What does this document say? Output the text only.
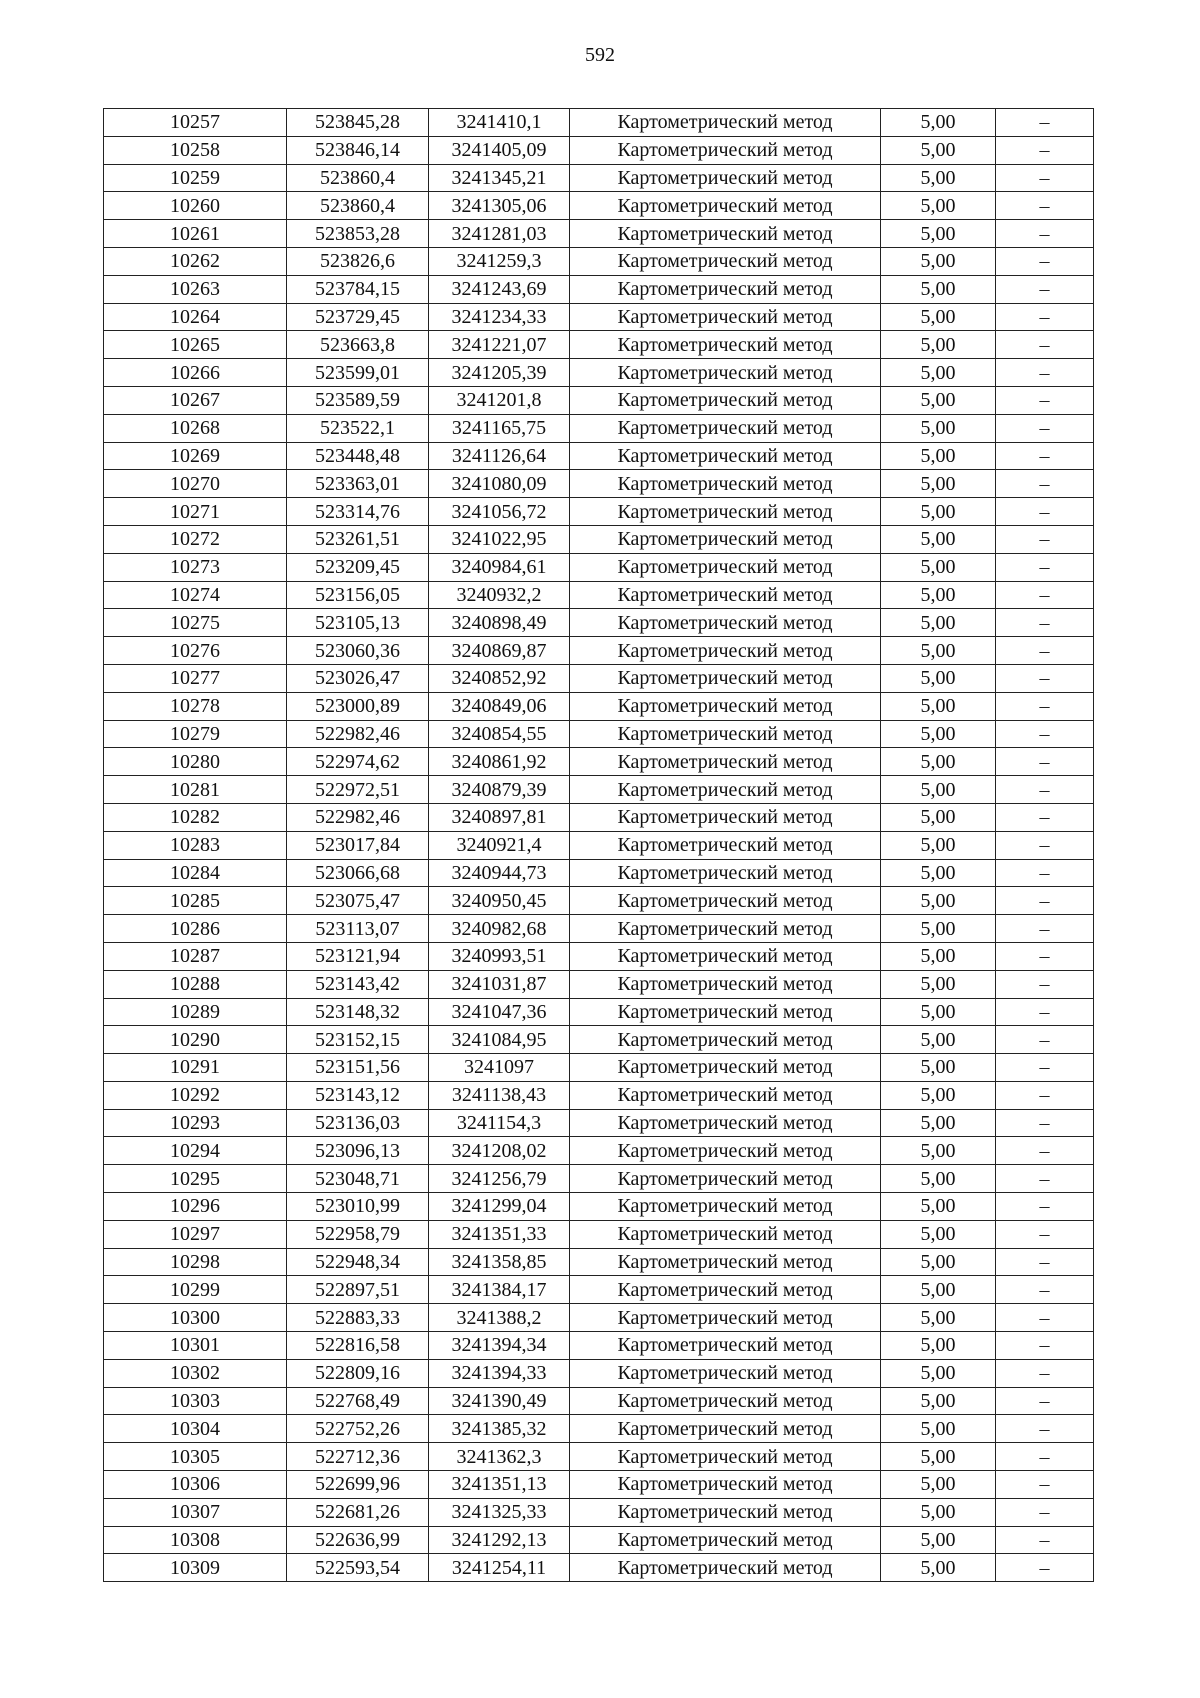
592
10257	523845,28	3241410,1	Картометрический метод	5,00	–
10258	523846,14	3241405,09	Картометрический метод	5,00	–
10259	523860,4	3241345,21	Картометрический метод	5,00	–
10260	523860,4	3241305,06	Картометрический метод	5,00	–
10261	523853,28	3241281,03	Картометрический метод	5,00	–
10262	523826,6	3241259,3	Картометрический метод	5,00	–
10263	523784,15	3241243,69	Картометрический метод	5,00	–
10264	523729,45	3241234,33	Картометрический метод	5,00	–
10265	523663,8	3241221,07	Картометрический метод	5,00	–
10266	523599,01	3241205,39	Картометрический метод	5,00	–
10267	523589,59	3241201,8	Картометрический метод	5,00	–
10268	523522,1	3241165,75	Картометрический метод	5,00	–
10269	523448,48	3241126,64	Картометрический метод	5,00	–
10270	523363,01	3241080,09	Картометрический метод	5,00	–
10271	523314,76	3241056,72	Картометрический метод	5,00	–
10272	523261,51	3241022,95	Картометрический метод	5,00	–
10273	523209,45	3240984,61	Картометрический метод	5,00	–
10274	523156,05	3240932,2	Картометрический метод	5,00	–
10275	523105,13	3240898,49	Картометрический метод	5,00	–
10276	523060,36	3240869,87	Картометрический метод	5,00	–
10277	523026,47	3240852,92	Картометрический метод	5,00	–
10278	523000,89	3240849,06	Картометрический метод	5,00	–
10279	522982,46	3240854,55	Картометрический метод	5,00	–
10280	522974,62	3240861,92	Картометрический метод	5,00	–
10281	522972,51	3240879,39	Картометрический метод	5,00	–
10282	522982,46	3240897,81	Картометрический метод	5,00	–
10283	523017,84	3240921,4	Картометрический метод	5,00	–
10284	523066,68	3240944,73	Картометрический метод	5,00	–
10285	523075,47	3240950,45	Картометрический метод	5,00	–
10286	523113,07	3240982,68	Картометрический метод	5,00	–
10287	523121,94	3240993,51	Картометрический метод	5,00	–
10288	523143,42	3241031,87	Картометрический метод	5,00	–
10289	523148,32	3241047,36	Картометрический метод	5,00	–
10290	523152,15	3241084,95	Картометрический метод	5,00	–
10291	523151,56	3241097	Картометрический метод	5,00	–
10292	523143,12	3241138,43	Картометрический метод	5,00	–
10293	523136,03	3241154,3	Картометрический метод	5,00	–
10294	523096,13	3241208,02	Картометрический метод	5,00	–
10295	523048,71	3241256,79	Картометрический метод	5,00	–
10296	523010,99	3241299,04	Картометрический метод	5,00	–
10297	522958,79	3241351,33	Картометрический метод	5,00	–
10298	522948,34	3241358,85	Картометрический метод	5,00	–
10299	522897,51	3241384,17	Картометрический метод	5,00	–
10300	522883,33	3241388,2	Картометрический метод	5,00	–
10301	522816,58	3241394,34	Картометрический метод	5,00	–
10302	522809,16	3241394,33	Картометрический метод	5,00	–
10303	522768,49	3241390,49	Картометрический метод	5,00	–
10304	522752,26	3241385,32	Картометрический метод	5,00	–
10305	522712,36	3241362,3	Картометрический метод	5,00	–
10306	522699,96	3241351,13	Картометрический метод	5,00	–
10307	522681,26	3241325,33	Картометрический метод	5,00	–
10308	522636,99	3241292,13	Картометрический метод	5,00	–
10309	522593,54	3241254,11	Картометрический метод	5,00	–
